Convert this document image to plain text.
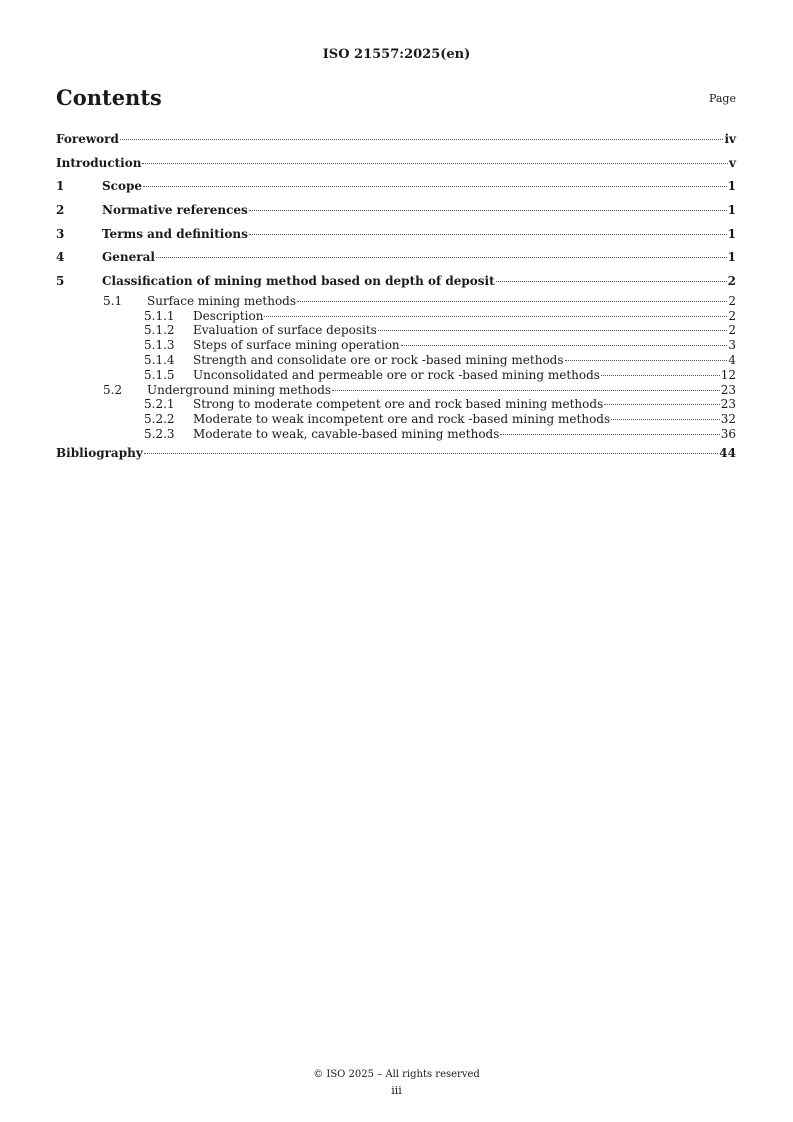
ISO 21557:2025(en)
Contents	Page
Foreword	iv
Introduction	v
1	Scope	1
2	Normative references	1
3	Terms and definitions	1
4	General	1
5	Classification of mining method based on depth of deposit	2
5.1	Surface mining methods	2
5.1.1	Description	2
5.1.2	Evaluation of surface deposits	2
5.1.3	Steps of surface mining operation	3
5.1.4	Strength and consolidate ore or rock -based mining methods	4
5.1.5	Unconsolidated and permeable ore or rock -based mining methods	12
5.2	Underground mining methods	23
5.2.1	Strong to moderate competent ore and rock based mining methods	23
5.2.2	Moderate to weak incompetent ore and rock -based mining methods	32
5.2.3	Moderate to weak, cavable-based mining methods	36
Bibliography	44
© ISO 2025 – All rights reserved
iii
